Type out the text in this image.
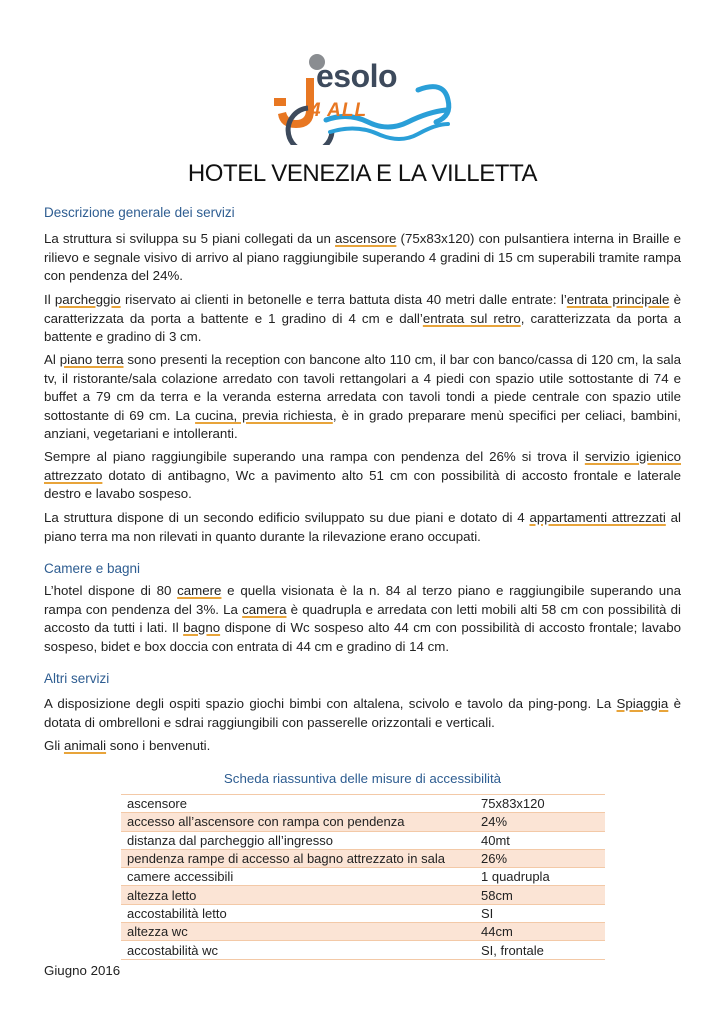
esolo
4 ALL
HOTEL VENEZIA E LA VILLETTA
Descrizione generale dei servizi
La struttura si sviluppa su 5 piani collegati da un ascensore (75x83x120) con pulsantiera interna in Braille e rilievo e segnale visivo di arrivo al piano raggiungibile superando 4 gradini di 15 cm superabili tramite rampa con pendenza del 24%.
Il parcheggio riservato ai clienti in betonelle e terra battuta dista 40 metri dalle entrate: l’entrata principale è caratterizzata da porta a battente e 1 gradino di 4 cm e dall’entrata sul retro, caratterizzata da porta a battente e gradino di 3 cm.
Al piano terra sono presenti la reception con bancone alto 110 cm, il bar con banco/cassa di 120 cm, la sala tv, il ristorante/sala colazione arredato con tavoli rettangolari a 4 piedi con spazio utile sottostante di 74 e buffet a 79 cm da terra e la veranda esterna arredata con tavoli tondi a piede centrale con spazio utile sottostante di 69 cm. La cucina, previa richiesta, è in grado preparare menù specifici per celiaci, bambini, anziani, vegetariani e intolleranti.
Sempre al piano raggiungibile superando una rampa con pendenza del 26% si trova il servizio igienico attrezzato dotato di antibagno, Wc a pavimento alto 51 cm con possibilità di accosto frontale e laterale destro e lavabo sospeso.
La struttura dispone di un secondo edificio sviluppato su due piani e dotato di 4 appartamenti attrezzati al piano terra ma non rilevati in quanto durante la rilevazione erano occupati.
Camere e bagni
L’hotel dispone di 80 camere e quella visionata è la n. 84 al terzo piano e raggiungibile superando una rampa con pendenza del 3%. La camera è quadrupla e arredata con letti mobili alti 58 cm con possibilità di accosto da tutti i lati. Il bagno dispone di Wc sospeso alto 44 cm con possibilità di accosto frontale; lavabo sospeso, bidet e box doccia con entrata di 44 cm e gradino di 14 cm.
Altri servizi
A disposizione degli ospiti spazio giochi bimbi con altalena, scivolo e tavolo da ping-pong. La Spiaggia è dotata di ombrelloni e sdrai raggiungibili con passerelle orizzontali e verticali.
Gli animali sono i benvenuti.
Scheda riassuntiva delle misure di accessibilità
ascensore	75x83x120
accesso all’ascensore con rampa con pendenza	24%
distanza dal parcheggio all’ingresso	40mt
pendenza rampe di accesso al bagno attrezzato in sala	26%
camere accessibili	1 quadrupla
altezza letto	58cm
accostabilità letto	SI
altezza wc	44cm
accostabilità wc	SI, frontale
Giugno 2016
